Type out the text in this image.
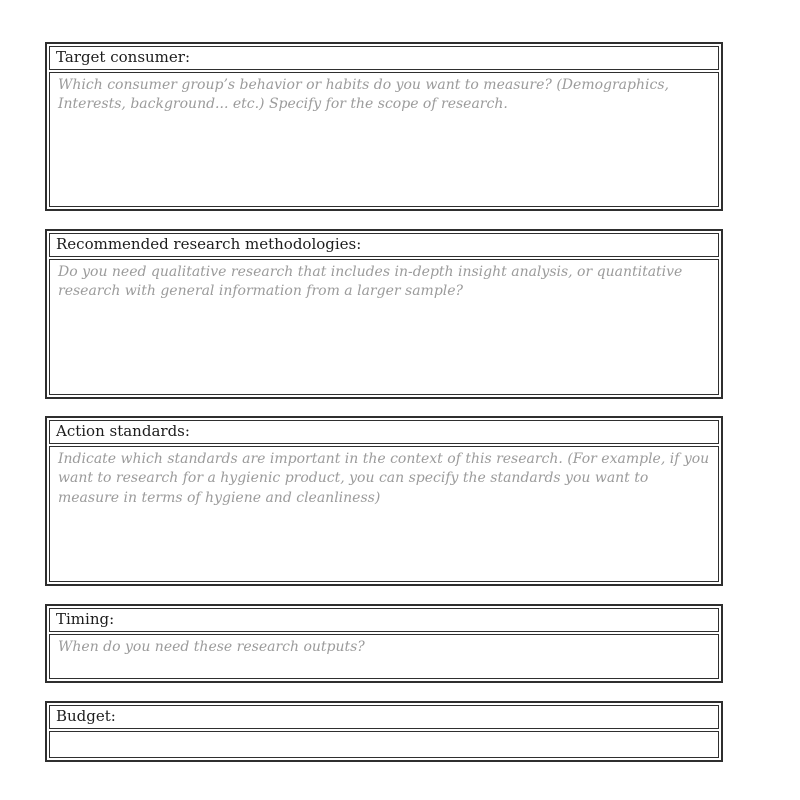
Target consumer:
Which consumer group’s behavior or habits do you want to measure? (Demographics, Interests, background... etc.) Specify for the scope of research.
Recommended research methodologies:
Do you need qualitative research that includes in-depth insight analysis, or quantitative research with general information from a larger sample?
Action standards:
Indicate which standards are important in the context of this research. (For example, if you want to research for a hygienic product, you can specify the standards you want to measure in terms of hygiene and cleanliness)
Timing:
When do you need these research outputs?
Budget:
